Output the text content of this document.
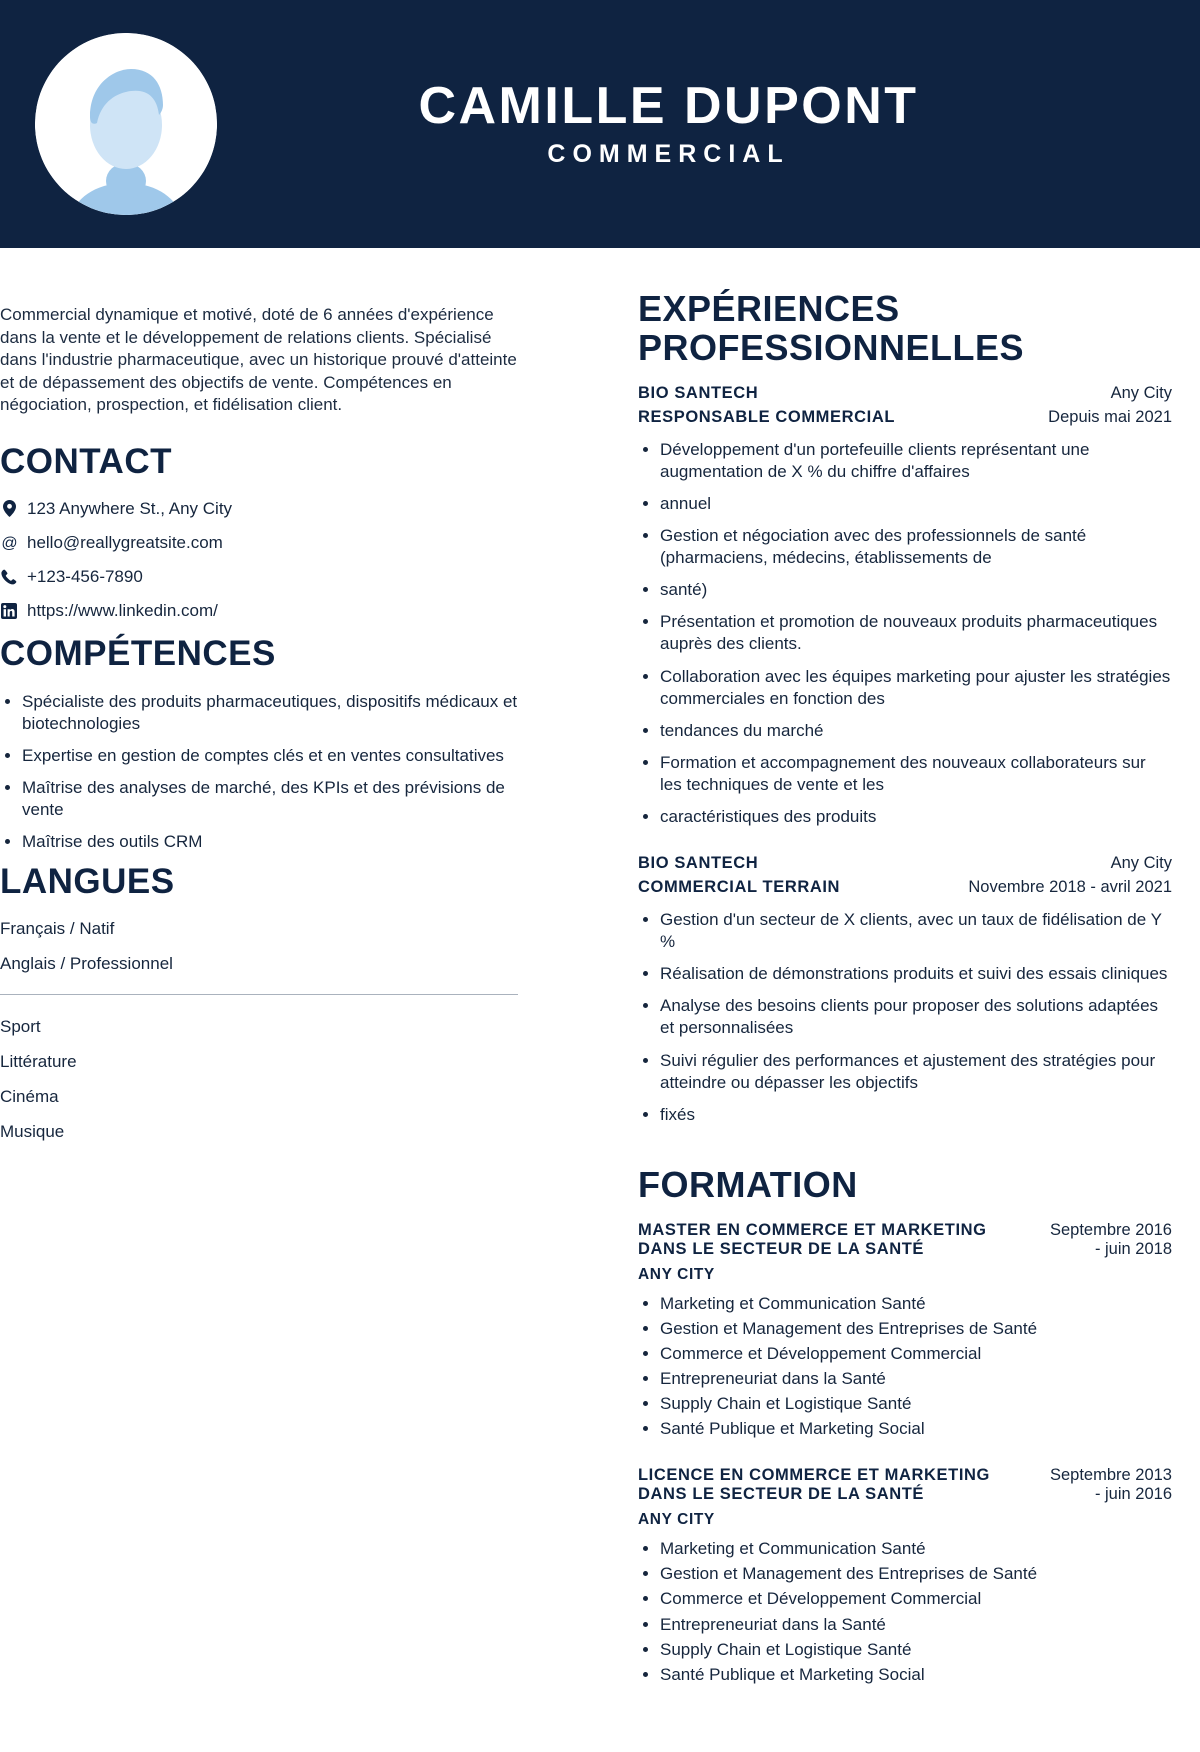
CAMILLE DUPONT
COMMERCIAL

Commercial dynamique et motivé, doté de 6 années d'expérience dans la vente et le développement de relations clients. Spécialisé dans l'industrie pharmaceutique, avec un historique prouvé d'atteinte et de dépassement des objectifs de vente. Compétences en négociation, prospection, et fidélisation client.

CONTACT
123 Anywhere St., Any City
@ hello@reallygreatsite.com
+123-456-7890
https://www.linkedin.com/
COMPÉTENCES
• Spécialiste des produits pharmaceutiques, dispositifs médicaux et biotechnologies
• Expertise en gestion de comptes clés et en ventes consultatives
• Maîtrise des analyses de marché, des KPIs et des prévisions de vente
• Maîtrise des outils CRM
LANGUES
Français / Natif
Anglais / Professionnel
Sport
Littérature
Cinéma
Musique
EXPÉRIENCES PROFESSIONNELLES
BIO SANTECH	Any City
RESPONSABLE COMMERCIAL	Depuis mai 2021
• Développement d'un portefeuille clients représentant une augmentation de X % du chiffre d'affaires
• annuel
• Gestion et négociation avec des professionnels de santé (pharmaciens, médecins, établissements de
• santé)
• Présentation et promotion de nouveaux produits pharmaceutiques auprès des clients.
• Collaboration avec les équipes marketing pour ajuster les stratégies commerciales en fonction des
• tendances du marché
• Formation et accompagnement des nouveaux collaborateurs sur les techniques de vente et les
• caractéristiques des produits
BIO SANTECH	Any City
COMMERCIAL TERRAIN	Novembre 2018 - avril 2021
• Gestion d'un secteur de X clients, avec un taux de fidélisation de Y %
• Réalisation de démonstrations produits et suivi des essais cliniques
• Analyse des besoins clients pour proposer des solutions adaptées et personnalisées
• Suivi régulier des performances et ajustement des stratégies pour atteindre ou dépasser les objectifs
• fixés
FORMATION
MASTER EN COMMERCE ET MARKETING DANS LE SECTEUR DE LA SANTÉ
Septembre 2016 - juin 2018
ANY CITY
• Marketing et Communication Santé
• Gestion et Management des Entreprises de Santé
• Commerce et Développement Commercial
• Entrepreneuriat dans la Santé
• Supply Chain et Logistique Santé
• Santé Publique et Marketing Social
LICENCE EN COMMERCE ET MARKETING DANS LE SECTEUR DE LA SANTÉ
Septembre 2013 - juin 2016
ANY CITY
• Marketing et Communication Santé
• Gestion et Management des Entreprises de Santé
• Commerce et Développement Commercial
• Entrepreneuriat dans la Santé
• Supply Chain et Logistique Santé
• Santé Publique et Marketing Social
